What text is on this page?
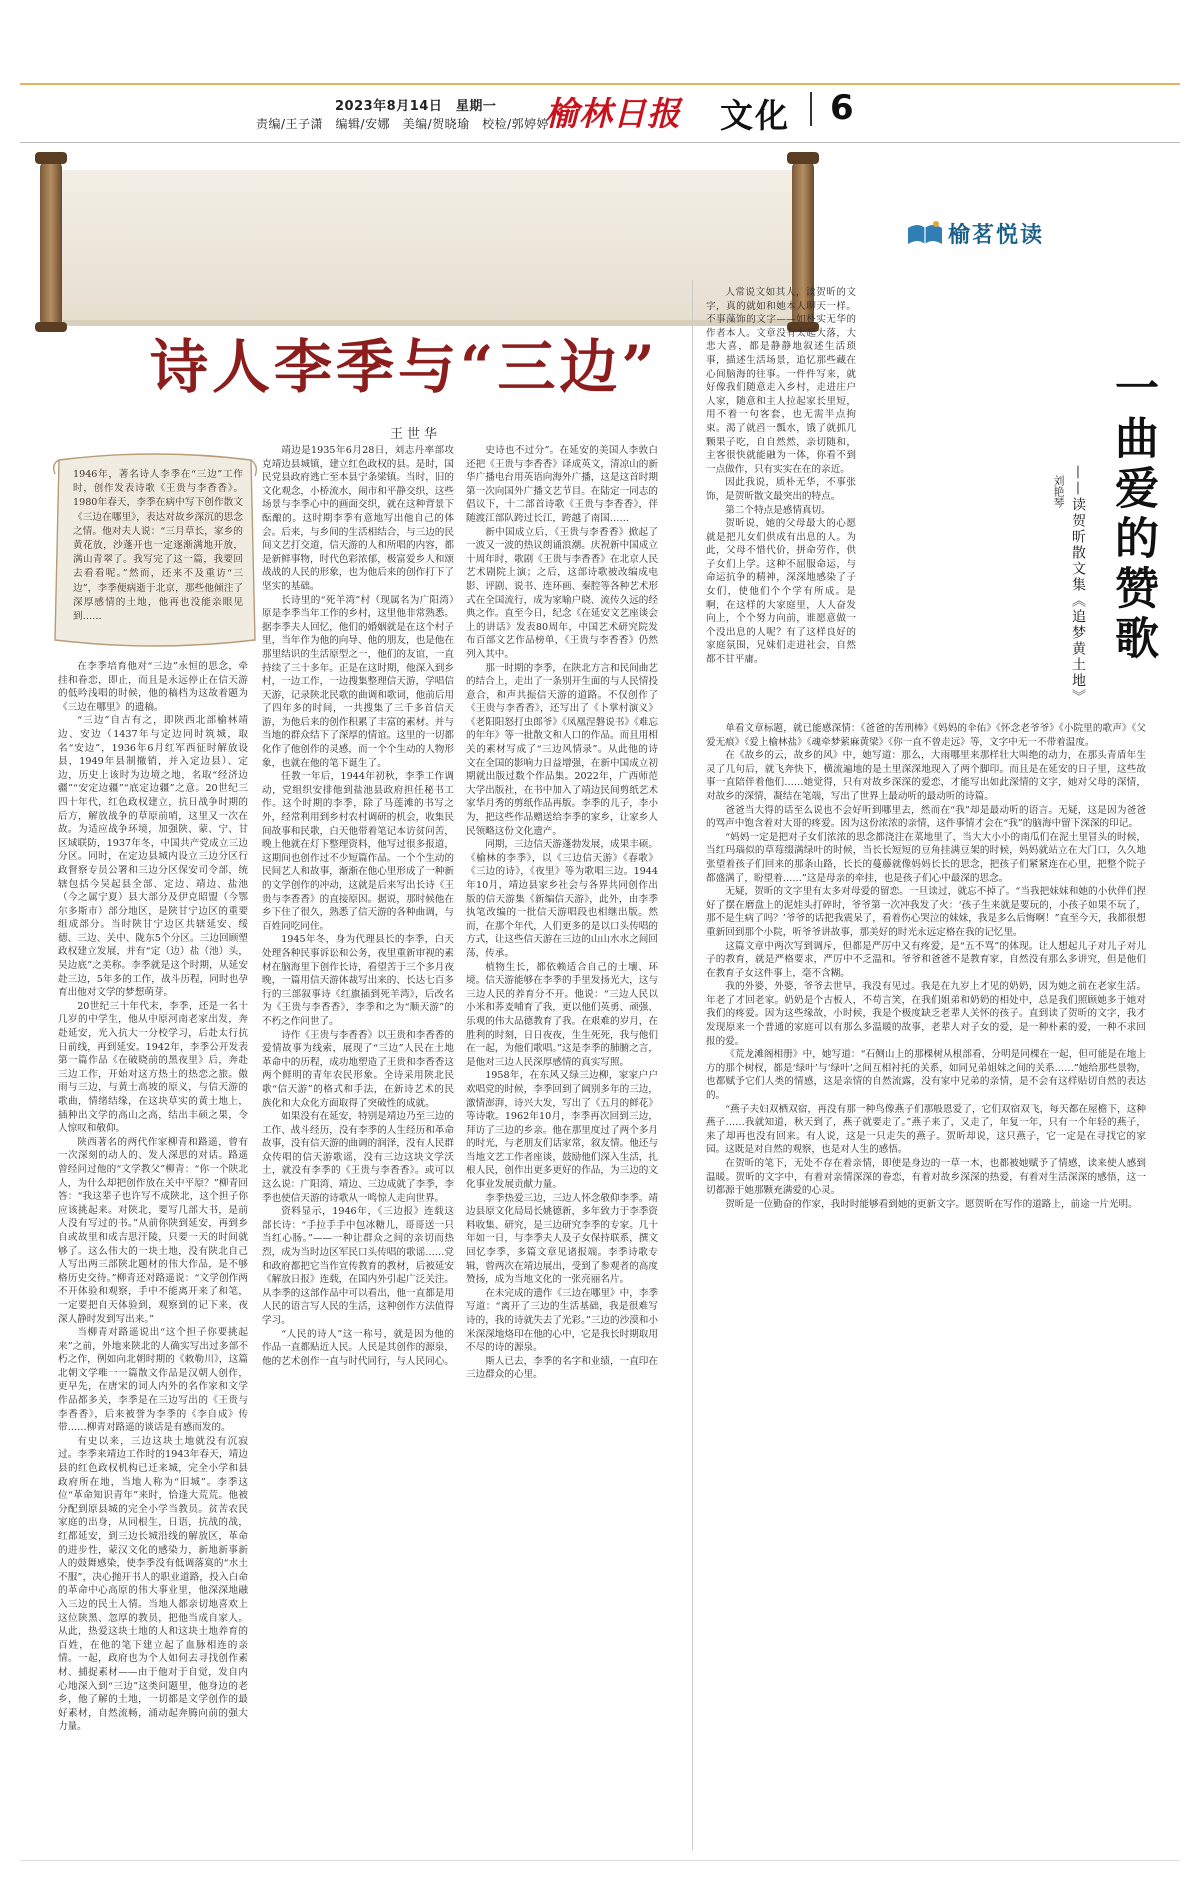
2023年8月14日　星期一
责编/王子潇　编辑/安娜　美编/贺晓瑜　校检/郭婷婷
榆林日报 文化 6
榆茗悦读
诗人李季与“三边”
王世华
1946年，著名诗人李季在“三边”工作时，创作发表诗歌《王贵与李香香》。1980年春天，李季在病中写下创作散文《三边在哪里》，表达对故乡深沉的思念之情。他对夫人说：“三月草长，家乡的黄花放，沙蓬开也一定逐渐满地开放，满山青翠了。我写完了这一篇，我要回去看看呢。”然而，还来不及重访“三边”，李季便病逝于北京，那些他倾注了深厚感情的土地，他再也没能亲眼见到……

在李季培育他对“三边”永恒的思念，牵挂和眷恋，即止，而且是永远停止在信天游的低吟浅唱的时候，他的稿档为这故着题为《三边在哪里》的遗稿。

“三边”自古有之，即陕西北部榆林靖边、安边（1437年与定边同时筑城，取名“安边”，1936年6月红军西征时解放设县，1949年县制撤销，并入定边县）、定边，历史上该时为边境之地，名取“经济边疆”“安定边疆”“底定边疆”之意。20世纪三四十年代，红色政权建立，抗日战争时期的后方，解放战争的草原前哨，这里又一次在故。为适应战争环境，加强陕、蒙、宁、甘区域联防，1937年冬，中国共产党成立三边分区。同时，在定边县城内设立三边分区行政督察专员公署和三边分区保安司令部，统辖包括今吴起县全部、定边、靖边、盐池（今之属宁夏）县大部分及伊克昭盟（今鄂尔多斯市）部分地区，是陕甘宁边区的重要组成部分。当时陕甘宁边区共辖延安、绥德、三边、关中、陇东5个分区。三边回顾塑政权建立发展，并有“定（边）盐（池）头，吴边底”之美称。李季就是这个时期，从延安赴三边，5年多的工作，战斗历程，同时也孕育出他对文学的梦想萌芽。

20世纪三十年代末，李季，还是一名十几岁的中学生，他从中原河南老家出发，奔赴延安，光入抗大一分校学习，后赴太行抗日前线，再到延安。1942年，李季公开发表第一篇作品《在破晓前的黑夜里》后，奔赴三边工作，开始对这方热土的热恋之旅。傲雨与三边，与黄土高坡的原义，与信天游的歌曲，情绪结缘，在这块草实的黄土地上，插种出文学的高山之高，结出丰硕之果，令人惊叹和敬仰。

陕西著名的两代作家柳青和路遥，曾有一次深刻的动人的、发人深思的对话。路遥曾经问过他的“文学教父”柳青：“你一个陕北人，为什么却把创作放在关中平原？”柳青回答：“我这辈子也许写不成陕北，这个担子你应该挑起来。对陕北，要写几部大书，是前人没有写过的书。”从前你陕到延安，再到乡自或故里和成吉思汗陵，只要一天的时间就够了。这么伟大的一块土地，没有陕北自己人写出两三部陕北题材的伟大作品，是不够格历史交待。”柳青还对路遥说：“文学创作两不开体验和观察，手中不能离开来了和笔，一定要把自天体验到，观察到的记下来，夜深人静时发到写出来。”

当柳青对路遥说出“这个担子你要挑起来”之前，外地来陕北的人确实写出过多部不朽之作，例如向北朝时期的《敕勒川》，这篇北朝文学唯一一篇散文作品是汉朝人创作，更早先，在唐宋的词人内外的名作家和文学作品都多关，李季是在三边写出的《王贵与李香香》，后来被誉为李季的《李自成》传带……柳青对路遥的谈话是有感而发的。

有史以来，三边这块土地就没有沉寂过。李季来靖边工作时的1943年春天，靖边县的红色政权机构已迁来城，完全小学和县政府所在地，当地人称为“旧城”。李季这位“革命知识青年”来时，恰逢大荒荒。他被分配到原县城的完全小学当教员。贫苦农民家庭的出身，从同根生，日语，抗战的战，红都延安，到三边长城沿线的解放区，革命的进步性，蒙汉文化的感染力，新地新事新人的鼓舞感染，使李季没有低调落寞的“水土不服”，决心抛开书人的职业道路，投入白命的革命中心高原的伟大事业里，他深深地融入三边的民土人情。当地人都亲切地喜欢上这位陕黑、忽厚的教员，把他当成自家人。从此，热爱这块土地的人和这块土地养育的百姓，在他的笔下建立起了血脉相连的亲情。一起，政府也为个人如何去寻找创作素材、捕捉素材——由于他对于自觉，发自内心地深入到“三边”这类问题里，他身边的老乡，他了解的土地，一切都是文学创作的最好素材，自然流畅，涌动起奔腾向前的强大力量。

靖边是1935年6月28日，刘志丹率部攻克靖边县城镇，建立红色政权的县。是时，国民党县政府逃亡至本县宁条梁镇。当时，旧的文化观念，小桥流水，闹市和平静交织，这些场景与李季心中的画面交织，就在这种背景下酝酿的。这时期李季有意地写出他自己的体会。后来，与乡间的生活相结合，与三边的民间文艺打交道，信天游的人和所唱的内容，都是新鲜事物，时代色彩浓郁，极富爱乡人和颂战战的人民的形象，也为他后来的创作打下了坚实的基础。

长诗里的“死羊湾”村（现属名为广阳湾）原是李季当年工作的乡村，这里他非常熟悉。据李季夫人回忆，他们的婚姻就是在这个村子里，当年作为他的向导、他的朋友，也是他在那里结识的生活原型之一，他们的友谊，一直持续了三十多年。正是在这时期，他深入到乡村，一边工作，一边搜集整理信天游，学唱信天游，记录陕北民歌的曲调和歌词，他前后用了四年多的时间，一共搜集了三千多首信天游，为他后来的创作积累了丰富的素材。并与当地的群众结下了深厚的情谊。这里的一切都化作了他创作的灵感，而一个个生动的人物形象，也就在他的笔下诞生了。

任教一年后，1944年初秋，李季工作调动，党组织安排他到盐池县政府担任秘书工作。这个时期的李季，除了马莲滩的书写之外，经常利用到乡村农村调研的机会，收集民间故事和民歌，白天他带着笔记本访贫问苦，晚上他就在灯下整理资料，他写过很多报道，这期间也创作过不少短篇作品。一个个生动的民间艺人和故事，渐渐在他心里形成了一种新的文学创作的冲动，这就是后来写出长诗《王贵与李香香》的直接原因。据说，那时候他在乡下住了很久，熟悉了信天游的各种曲调，与百姓同吃同住。

1945年冬，身为代理县长的李季，白天处理各种民事诉讼和公务，夜里重新审视的素材在脑海里下创作长诗，看望苦于三个多月夜晚，一篇用信天游体裁写出来的、长达七百多行的三部叙事诗《红旗插到死羊湾》，后改名为《王贵与李香香》，李季和之为“顺天游”的不朽之作问世了。

诗作《王贵与李香香》以王贵和李香香的爱情故事为线索，展现了“三边”人民在土地革命中的历程，成功地塑造了王贵和李香香这两个鲜明的青年农民形象。全诗采用陕北民歌“信天游”的格式和手法，在新诗艺术的民族化和大众化方面取得了突破性的成就。

如果没有在延安，特别是靖边乃至三边的工作、战斗经历，没有李季的人生经历和革命故事，没有信天游的曲调的润泽，没有人民群众传唱的信天游歌谣，没有三边这块文学沃土，就没有李季的《王贵与李香香》。或可以这么说：广阳湾、靖边、三边成就了李季，李季也使信天游的诗歌从一鸣惊人走向世界。

资料显示，1946年，《三边报》连载这部长诗：“手拉手手中包冰糖儿，哥哥送一只当红心肠。”——一种让群众之间的亲切而热烈，成为当时边区军民口头传唱的歌谣……党和政府都把它当作宣传教育的教材，后被延安《解放日报》连载，在国内外引起广泛关注。从李季的这部作品中可以看出，他一直都是用人民的语言写人民的生活，这种创作方法值得学习。

“人民的诗人”这一称号，就是因为他的作品一直都贴近人民。人民是其创作的源泉，他的艺术创作一直与时代同行，与人民同心。

史诗也不过分”。在延安的美国人李敦白还把《王贵与李香香》译成英文，清凉山的新华广播电台用英语向海外广播，这是这首时期第一次向国外广播文艺节目。在陆定一同志的倡议下，十二部首诗歌《王贵与李香香》，伴随渡江部队跨过长江，跨越了南国……

新中国成立后，《王贵与李香香》掀起了一波又一波的热议朗诵浪潮。庆祝新中国成立十周年时，歌剧《王贵与李香香》在北京人民艺术剧院上演；之后，这部诗歌被改编成电影、评剧、说书、连环画、秦腔等各种艺术形式在全国流行，成为家喻户晓、流传久远的经典之作。直至今日，纪念《在延安文艺座谈会上的讲话》发表80周年，中国艺术研究院发布百部文艺作品榜单，《王贵与李香香》仍然列入其中。

那一时期的李季，在陕北方言和民间曲艺的结合上，走出了一条别开生面的与人民情投意合，和声共振信天游的道路。不仅创作了《王贵与李香香》，还写出了《卜掌村演义》《老阳阳怒打虫郎爷》《凤凰涅磐说书》《难忘的年年》等一批散文和人口的作品。而且用相关的素材写成了“三边风情录”。从此他的诗文在全国的影响力日益增强，在新中国成立初期就出版过数个作品集。2022年，广西师范大学出版社，在书中加入了靖边民间剪纸艺术家华月秀的剪纸作品再版。李季的儿子，李小为，把这些作品赠送给李季的家乡，让家乡人民领略这份文化遗产。

同期，三边信天游蓬勃发展，成果丰硕。《榆林的李季》，以《三边信天游》《春歌》《三边的诗》，《夜里》等为歌唱三边。1944年10月，靖边县家乡社会与各界共同创作出版的信天游集《新编信天游》，此外，由李季执笔改编的一批信天游唱段也相继出版。然而，在那个年代，人们更多的是以口头传唱的方式，让这些信天游在三边的山山水水之间回荡，传承。

植物生长，都依赖适合自己的土壤、环境。信天游能够在李季的手里发扬光大，这与三边人民的养育分不开。他说：“三边人民以小米和荞麦哺育了我，更以他们英勇、顽强、乐观的伟大品德教育了我。在艰难的岁月，在胜利的时刻，日日夜夜，生生死死，我与他们在一起，为他们歌唱。”这是李季的肺腑之言，是他对三边人民深厚感情的真实写照。

1958年，在东风又绿三边柳，家家户户欢唱党的时候，李季回到了阔别多年的三边，激情澎湃，诗兴大发，写出了《五月的鲜花》等诗歌。1962年10月，李季再次回到三边，拜访了三边的乡亲。他在那里度过了两个多月的时光，与老朋友们话家常，叙友情。他还与当地文艺工作者座谈，鼓励他们深入生活，扎根人民，创作出更多更好的作品，为三边的文化事业发展贡献力量。

李季热爱三边，三边人怀念敬仰李季。靖边县原文化局局长姚德新，多年致力于李季资料收集、研究，是三边研究李季的专家。几十年如一日，与李季夫人及子女保持联系，撰文回忆李季，多篇文章见诸报端。李季诗歌专辑，曾两次在靖边展出，受到了参观者的高度赞扬，成为当地文化的一张亮丽名片。

在未完成的遗作《三边在哪里》中，李季写道：“离开了三边的生活基础，我是很难写诗的，我的诗就失去了光彩。”三边的沙漠和小米深深地烙印在他的心中，它是我长时期取用不尽的诗的源泉。

斯人已去，李季的名字和业绩，一直印在三边群众的心里。

一曲爱的赞歌
——读贺昕散文集《追梦黄土地》
刘艳琴

人常说文如其人，读贺昕的文字，真的就如和她本人聊天一样。不事藻饰的文字——如朴实无华的作者本人。文章没有太起大落，大悲大喜，都是静静地叙述生活琐事，描述生活场景，追忆那些藏在心间脑海的往事。一件件写来，就好像我们随意走入乡村，走进庄户人家，随意和主人拉起家长里短，用不着一句客套，也无需半点拘束。渴了就舀一瓢水，饿了就抓几颗果子吃，自自然然，亲切随和，主客很快就能融为一体，你看不到一点做作，只有实实在在的亲近。

因此我说，质朴无华，不事张饰，是贺昕散文最突出的特点。

第二个特点是感情真切。

贺昕说，她的父母最大的心愿就是把儿女们供成有出息的人。为此，父母不惜代价，拼命劳作，供子女们上学。这种不屈服命运，与命运抗争的精神，深深地感染了子女们，使他们个个学有所成。是啊，在这样的大家庭里，人人奋发向上，个个努力向前，谁愿意做一个没出息的人呢？有了这样良好的家庭氛围，兄妹们走进社会，自然都不甘平庸。

单看文章标题，就已能感深情：《爸爸的苦刑棒》《妈妈的伞佑》《怀念老爷爷》《小院里的歌声》《父爱无痕》《爱上榆林盐》《魂牵梦萦麻黄梁》《你一直不曾走远》等，文字中无一不带着温度。

在《故乡的云，故乡的风》中，她写道：那么，大雨哪里来那样壮大叫绝的动力，在那头青盾年生灵了几句后，就飞奔快下，横流遍地的是土里深深地现入了两个脚印。而且是在延安的日子里，这些故事一直陪伴着他们……她觉得，只有对故乡深深的爱恋，才能写出如此深情的文字，她对父母的深情，对故乡的深情，凝结在笔端，写出了世界上最动听的最动听的诗篇。

爸爸当大得的话至么说也不会好听到哪里去，然而在“我”却是最动听的语言。无疑，这是因为爸爸的骂声中饱含着对大哥的疼爱。因为这份浓浓的亲情，这件事情才会在“我”的脑海中留下深深的印记。

“妈妈一定是把对子女们浓浓的思念都浇注在菜地里了，当大大小小的南瓜们在泥土里冒头的时候，当红玛瑙似的草莓缀满绿叶的时候，当长长短短的豆角挂满豆架的时候，妈妈就站立在大门口，久久地张望着孩子们回来的那条山路，长长的蔓藤就像妈妈长长的思念，把孩子们紧紧连在心里，把整个院子都盛满了，盼望着……”这是母亲的牵挂，也是孩子们心中最深的思念。

无疑，贺昕的文字里有太多对母爱的留恋。一旦读过，就忘不掉了。“当我把妹妹和她的小伙伴们捏好了摆在磨盘上的泥娃头打碎时，爷爷第一次冲我发了火：‘孩子生来就是要玩的，小孩子如果不玩了，那不是生病了吗？’爷爷的话把我震呆了，看着伤心哭泣的妹妹，我是多么后悔啊！”直至今天，我都很想重新回到那个小院，听爷爷讲故事，那美好的时光永远定格在我的记忆里。

这篇文章中两次写到调斥，但都是严厉中又有疼爱，是“五不骂”的体现。让人想起儿子对儿子对儿子的教育，就是严格要求，严厉中不乏温和。爷爷和爸爸不是教育家，自然没有那么多讲究，但是他们在教育子女这件事上，毫不含糊。

我的外婆，外婆，爷爷去世早，我没有见过。我是在九岁上才见的奶奶，因为她之前在老家生活。年老了才回老家。奶奶是个古板人，不苟言笑，在我们姐弟和奶奶的相处中，总是我们照顾她多于她对我们的疼爱。因为这些缘故，小时候，我是个极度缺乏老辈人关怀的孩子。直到读了贺昕的文字，我才发现原来一个普通的家庭可以有那么多温暖的故事，老辈人对子女的爱，是一种朴素的爱，一种不求回报的爱。

《荒龙滩阁相册》中，她写道：“石侧山上的那棵树从根部看，分明是同棵在一起，但可能是在地上方的那个树杈，都是‘绿叶’与‘绿叶’之间互相衬托的关系，如同兄弟姐妹之间的关系……”她给那些景物，也都赋予它们人类的情感，这是亲情的自然流露，没有家中兄弟的亲情，是不会有这样贴切自然的表达的。

“燕子夫妇双栖双宿，再没有那一种鸟像燕子们那般恩爱了，它们双宿双飞，每天都在屋檐下，这种燕子……我就知道，秋天到了，燕子就要走了。”燕子来了，又走了，年复一年，只有一个年轻的燕子，来了却再也没有回来。有人说，这是一只走失的燕子。贺昕却说，这只燕子，它一定是在寻找它的家园。这既是对自然的观察，也是对人生的感悟。

在贺昕的笔下，无处不存在着亲情，即使是身边的一草一木，也都被她赋予了情感，读来使人感到温暖。贺昕的文字中，有着对亲情深深的眷恋，有着对故乡深深的热爱，有着对生活深深的感悟，这一切都源于她那颗充满爱的心灵。

贺昕是一位勤奋的作家，我时时能够看到她的更新文字。愿贺昕在写作的道路上，前途一片光明。
